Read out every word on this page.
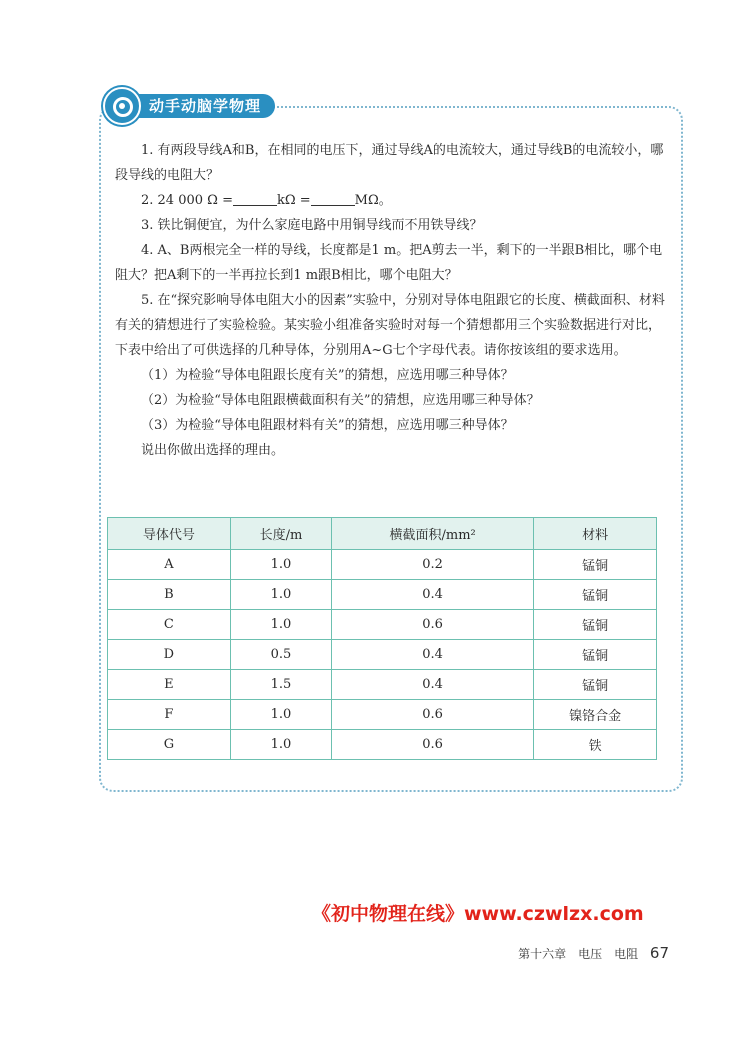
动手动脑学物理

1. 有两段导线A和B，在相同的电压下，通过导线A的电流较大，通过导线B的电流较小，哪段导线的电阻大？

2. 24 000 Ω =	kΩ =	MΩ。

3. 铁比铜便宜，为什么家庭电路中用铜导线而不用铁导线？

4. A、B两根完全一样的导线，长度都是1 m。把A剪去一半，剩下的一半跟B相比，哪个电阻大？把A剩下的一半再拉长到1 m跟B相比，哪个电阻大？

5. 在“探究影响导体电阻大小的因素”实验中，分别对导体电阻跟它的长度、横截面积、材料有关的猜想进行了实验检验。某实验小组准备实验时对每一个猜想都用三个实验数据进行对比，下表中给出了可供选择的几种导体，分别用A~G七个字母代表。请你按该组的要求选用。

（1）为检验“导体电阻跟长度有关”的猜想，应选用哪三种导体？

（2）为检验“导体电阻跟横截面积有关”的猜想，应选用哪三种导体？

（3）为检验“导体电阻跟材料有关”的猜想，应选用哪三种导体？

说出你做出选择的理由。

导体代号	长度/m	横截面积/mm²	材料
A	1.0	0.2	锰铜
B	1.0	0.4	锰铜
C	1.0	0.6	锰铜
D	0.5	0.4	锰铜
E	1.5	0.4	锰铜
F	1.0	0.6	镍铬合金
G	1.0	0.6	铁
《初中物理在线》www.czwlzx.com
第十六章　电压　电阻 67
